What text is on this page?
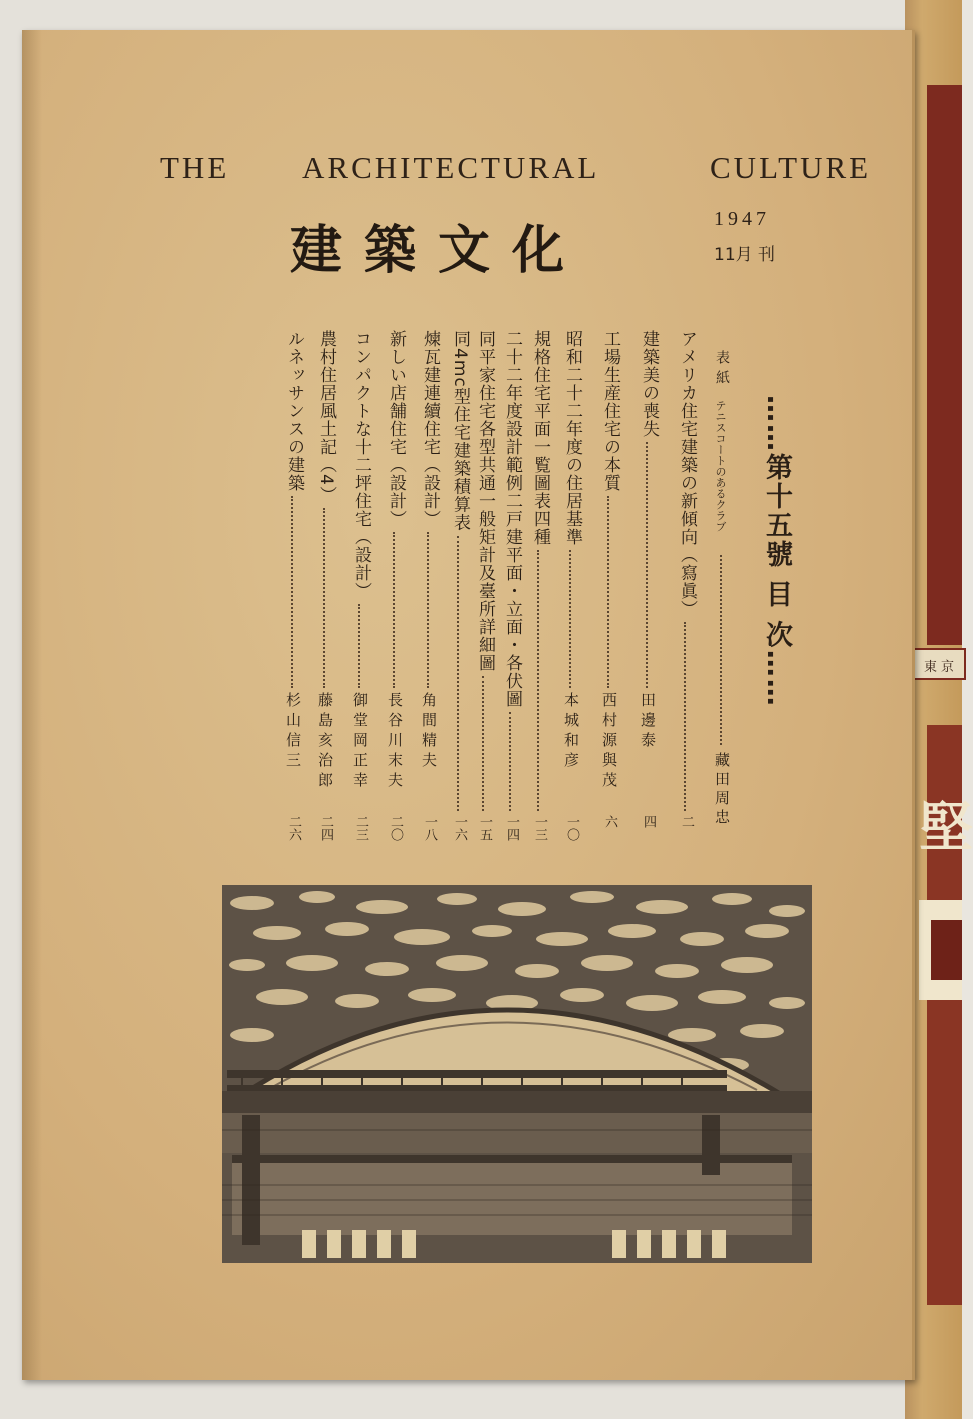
東京
堅
THE ARCHITECTURAL	CULTURE
建築文化
1947
11月 刊
……第十五號 目 次……
表紙
テニスコートのあるクラブ
藏田周忠
アメリカ住宅建築の新傾向（寫眞）
二
建築美の喪失
田邊泰
四
工場生産住宅の本質
西村源與茂
六
昭和二十二年度の住居基準
本城和彦
一〇
規格住宅平面一覧圖表四種
一三
二十二年度設計範例二戸建平面・立面・各伏圖
一四
同平家住宅各型共通一般矩計及臺所詳細圖
一五
同4mc型住宅建築積算表
一六
煉瓦建連續住宅（設計）
角間精夫
一八
新しい店舗住宅（設計）
長谷川末夫
二〇
コンパクトな十二坪住宅（設計）
御堂岡正幸
二三
農村住居風土記（4）
藤島亥治郎
二四
ルネッサンスの建築
杉山信三
二六
